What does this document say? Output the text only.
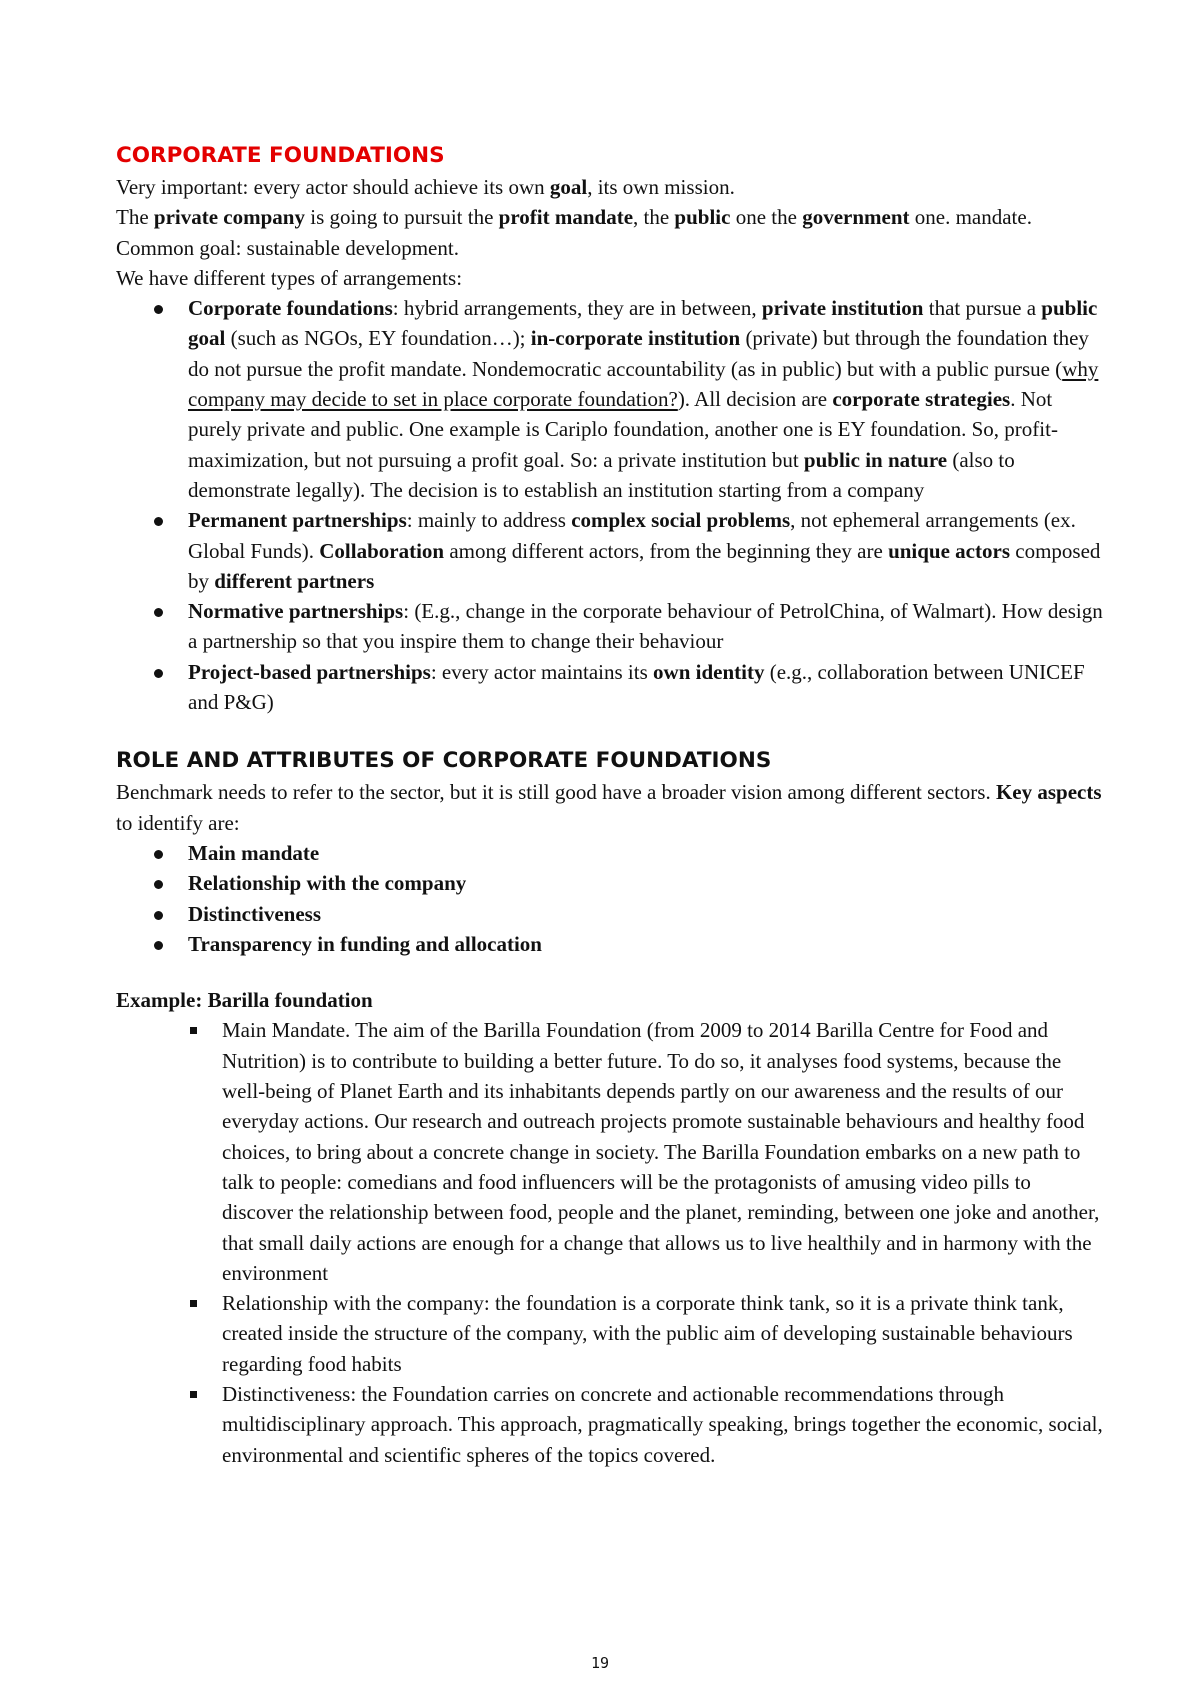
CORPORATE FOUNDATIONS

Very important: every actor should achieve its own goal, its own mission.

The private company is going to pursuit the profit mandate, the public one the government one. mandate. Common goal: sustainable development.

We have different types of arrangements:

Corporate foundations: hybrid arrangements, they are in between, private institution that pursue a public goal (such as NGOs, EY foundation…); in-corporate institution (private) but through the foundation they do not pursue the profit mandate. Nondemocratic accountability (as in public) but with a public pursue (why company may decide to set in place corporate foundation?). All decision are corporate strategies. Not purely private and public. One example is Cariplo foundation, another one is EY foundation. So, profit-maximization, but not pursuing a profit goal. So: a private institution but public in nature (also to demonstrate legally). The decision is to establish an institution starting from a company
Permanent partnerships: mainly to address complex social problems, not ephemeral arrangements (ex. Global Funds). Collaboration among different actors, from the beginning they are unique actors composed by different partners
Normative partnerships: (E.g., change in the corporate behaviour of PetrolChina, of Walmart). How design a partnership so that you inspire them to change their behaviour
Project-based partnerships: every actor maintains its own identity (e.g., collaboration between UNICEF and P&G)
ROLE AND ATTRIBUTES OF CORPORATE FOUNDATIONS

Benchmark needs to refer to the sector, but it is still good have a broader vision among different sectors. Key aspects to identify are:

Main mandate
Relationship with the company
Distinctiveness
Transparency in funding and allocation

Example: Barilla foundation

Main Mandate. The aim of the Barilla Foundation (from 2009 to 2014 Barilla Centre for Food and Nutrition) is to contribute to building a better future. To do so, it analyses food systems, because the well-being of Planet Earth and its inhabitants depends partly on our awareness and the results of our everyday actions. Our research and outreach projects promote sustainable behaviours and healthy food choices, to bring about a concrete change in society. The Barilla Foundation embarks on a new path to talk to people: comedians and food influencers will be the protagonists of amusing video pills to discover the relationship between food, people and the planet, reminding, between one joke and another, that small daily actions are enough for a change that allows us to live healthily and in harmony with the environment
Relationship with the company: the foundation is a corporate think tank, so it is a private think tank, created inside the structure of the company, with the public aim of developing sustainable behaviours regarding food habits
Distinctiveness: the Foundation carries on concrete and actionable recommendations through multidisciplinary approach. This approach, pragmatically speaking, brings together the economic, social, environmental and scientific spheres of the topics covered.
19
